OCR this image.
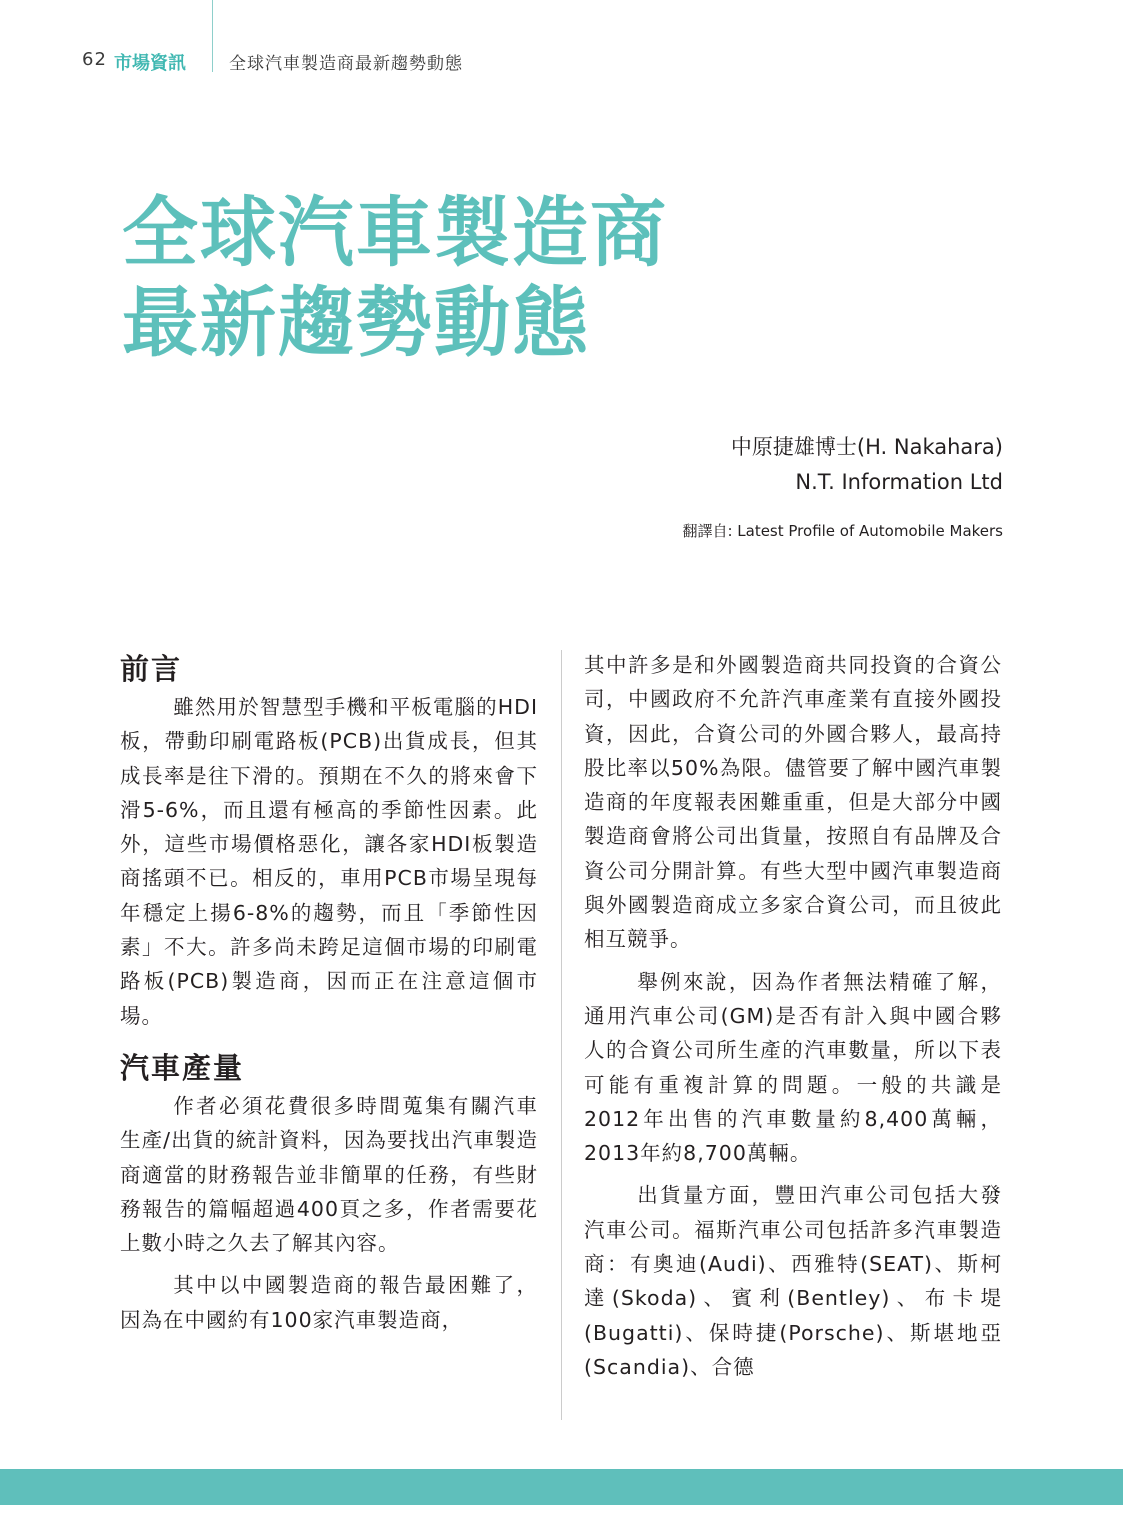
62 市場資訊	全球汽車製造商最新趨勢動態
全球汽車製造商
最新趨勢動態
中原捷雄博士(H. Nakahara)
N.T. Information Ltd
翻譯自: Latest Profile of Automobile Makers
前言

雖然用於智慧型手機和平板電腦的HDI板，帶動印刷電路板(PCB)出貨成長，但其成長率是往下滑的。預期在不久的將來會下滑5-6%，而且還有極高的季節性因素。此外，這些市場價格惡化，讓各家HDI板製造商搖頭不已。相反的，車用PCB市場呈現每年穩定上揚6-8%的趨勢，而且「季節性因素」不大。許多尚未跨足這個市場的印刷電路板(PCB)製造商，因而正在注意這個市場。

汽車產量

作者必須花費很多時間蒐集有關汽車生產/出貨的統計資料，因為要找出汽車製造商適當的財務報告並非簡單的任務，有些財務報告的篇幅超過400頁之多，作者需要花上數小時之久去了解其內容。

其中以中國製造商的報告最困難了，因為在中國約有100家汽車製造商，

其中許多是和外國製造商共同投資的合資公司，中國政府不允許汽車產業有直接外國投資，因此，合資公司的外國合夥人，最高持股比率以50%為限。儘管要了解中國汽車製造商的年度報表困難重重，但是大部分中國製造商會將公司出貨量，按照自有品牌及合資公司分開計算。有些大型中國汽車製造商與外國製造商成立多家合資公司，而且彼此相互競爭。

舉例來說，因為作者無法精確了解，通用汽車公司(GM)是否有計入與中國合夥人的合資公司所生產的汽車數量，所以下表可能有重複計算的問題。一般的共識是2012年出售的汽車數量約8,400萬輛，2013年約8,700萬輛。

出貨量方面，豐田汽車公司包括大發汽車公司。福斯汽車公司包括許多汽車製造商：有奧迪(Audi)、西雅特(SEAT)、斯柯達(Skoda)、賓利(Bentley)、布卡堤(Bugatti)、保時捷(Porsche)、斯堪地亞(Scandia)、合德
